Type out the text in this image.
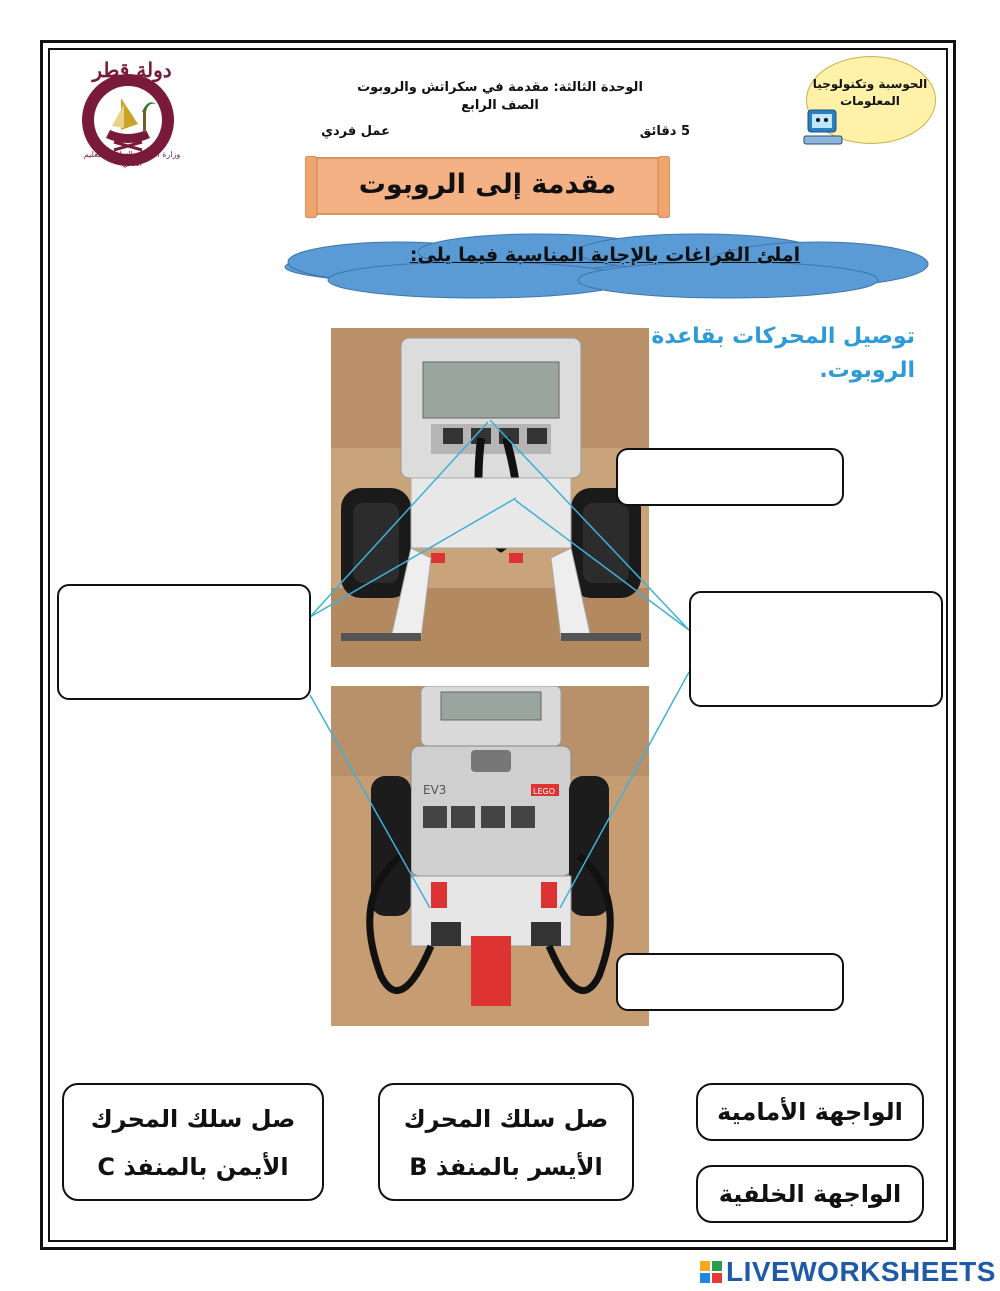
الوحدة الثالثة: مقدمة في سكراتش والروبوت
الصف الرابع
5 دقائق
عمل فردي
دولة قطر
وزارة التربية والتعليم والتعليم العالي
الحوسبة وتكنولوجيا المعلومات
مقدمة إلى الروبوت
املئ الفراغات بالإجابة المناسبة فيما يلى:
توصيل المحركات بقاعدة
الروبوت.
EV3	LEGO
صل سلك المحرك
الأيمن بالمنفذ C
صل سلك المحرك
الأيسر بالمنفذ B
الواجهة الأمامية
الواجهة الخلفية
LIVEWORKSHEETS
